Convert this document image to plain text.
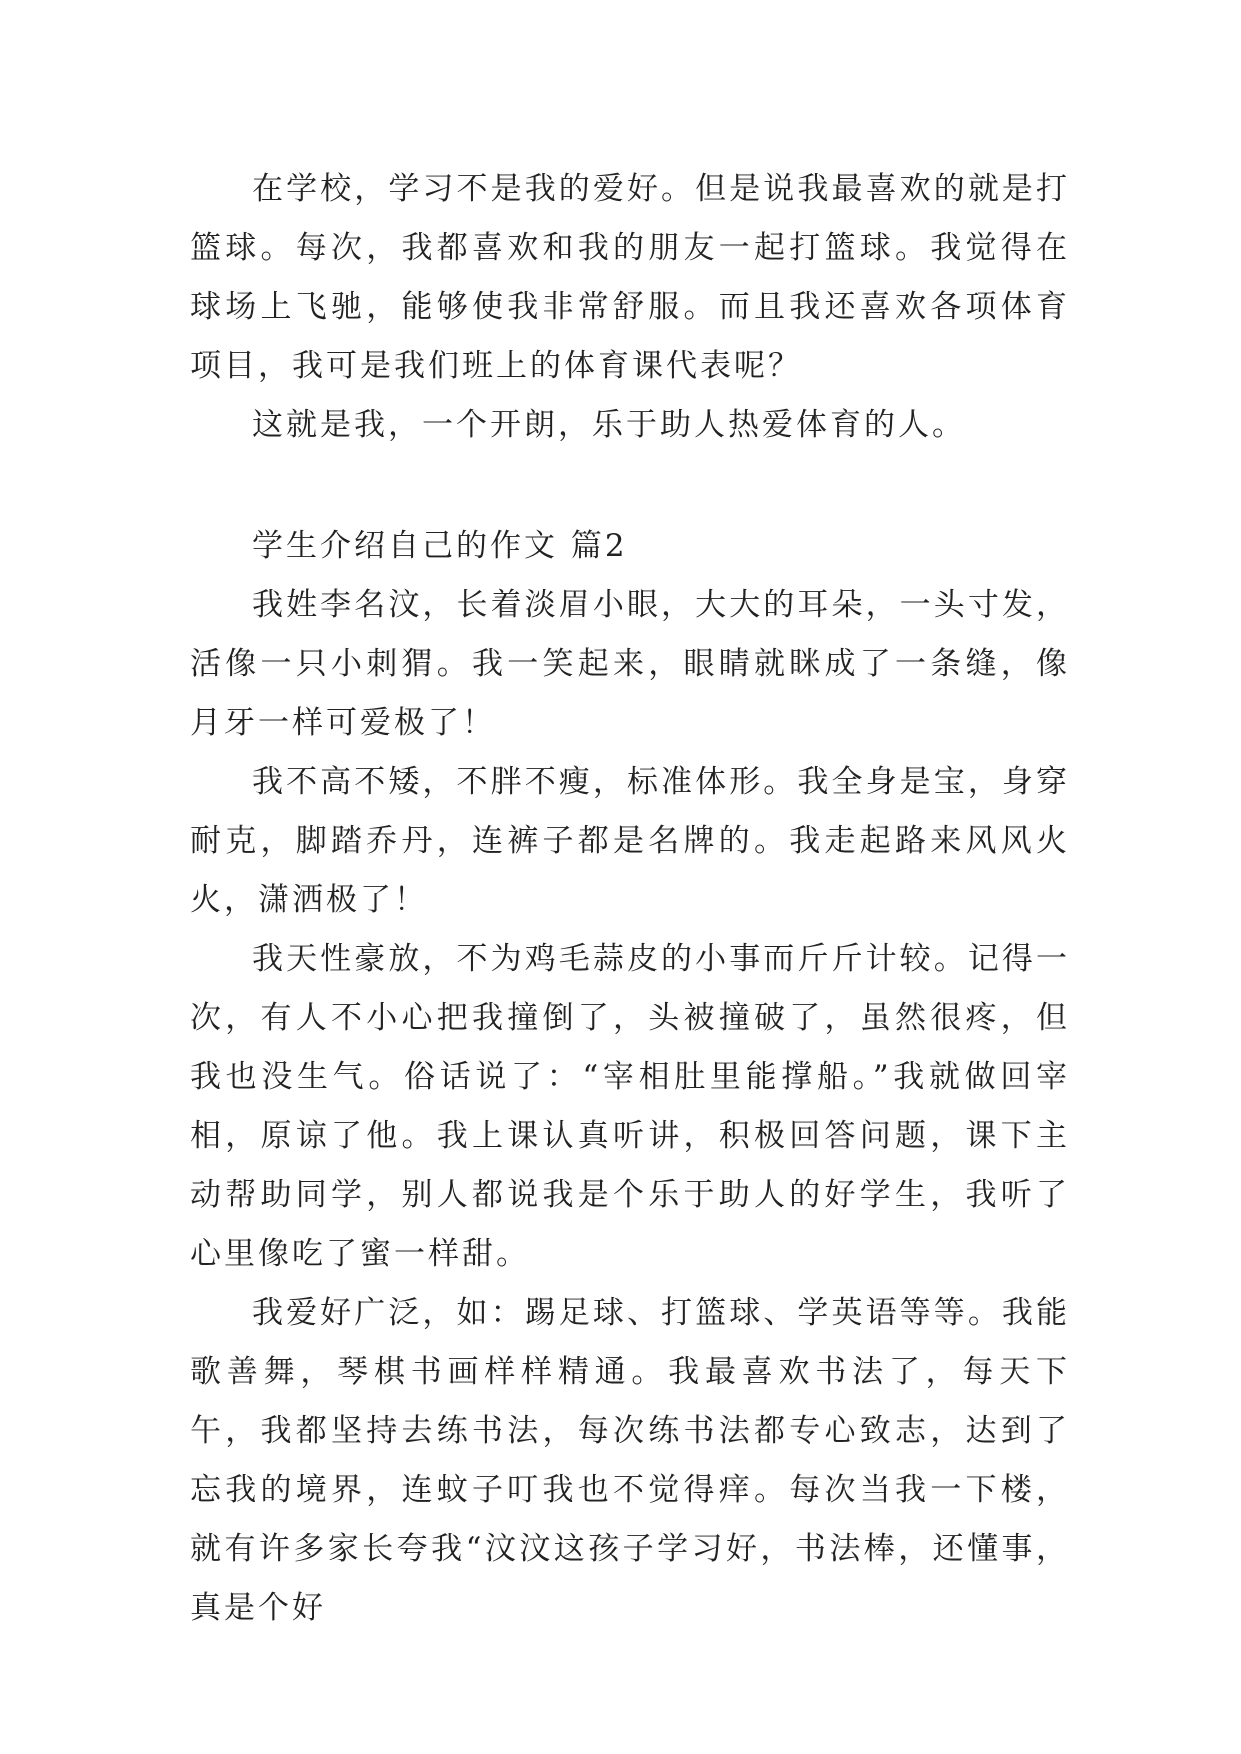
在学校，学习不是我的爱好。但是说我最喜欢的就是打篮球。每次，我都喜欢和我的朋友一起打篮球。我觉得在球场上飞驰，能够使我非常舒服。而且我还喜欢各项体育项目，我可是我们班上的体育课代表呢？

这就是我，一个开朗，乐于助人热爱体育的人。

学生介绍自己的作文 篇2

我姓李名汶，长着淡眉小眼，大大的耳朵，一头寸发，活像一只小刺猬。我一笑起来，眼睛就眯成了一条缝，像月牙一样可爱极了！

我不高不矮，不胖不瘦，标准体形。我全身是宝，身穿耐克，脚踏乔丹，连裤子都是名牌的。我走起路来风风火火，潇洒极了！

我天性豪放，不为鸡毛蒜皮的小事而斤斤计较。记得一次，有人不小心把我撞倒了，头被撞破了，虽然很疼，但我也没生气。俗话说了：“宰相肚里能撑船。”我就做回宰相，原谅了他。我上课认真听讲，积极回答问题，课下主动帮助同学，别人都说我是个乐于助人的好学生，我听了心里像吃了蜜一样甜。

我爱好广泛，如：踢足球、打篮球、学英语等等。我能歌善舞，琴棋书画样样精通。我最喜欢书法了，每天下午，我都坚持去练书法，每次练书法都专心致志，达到了忘我的境界，连蚊子叮我也不觉得痒。每次当我一下楼，就有许多家长夸我“汶汶这孩子学习好，书法棒，还懂事，真是个好
